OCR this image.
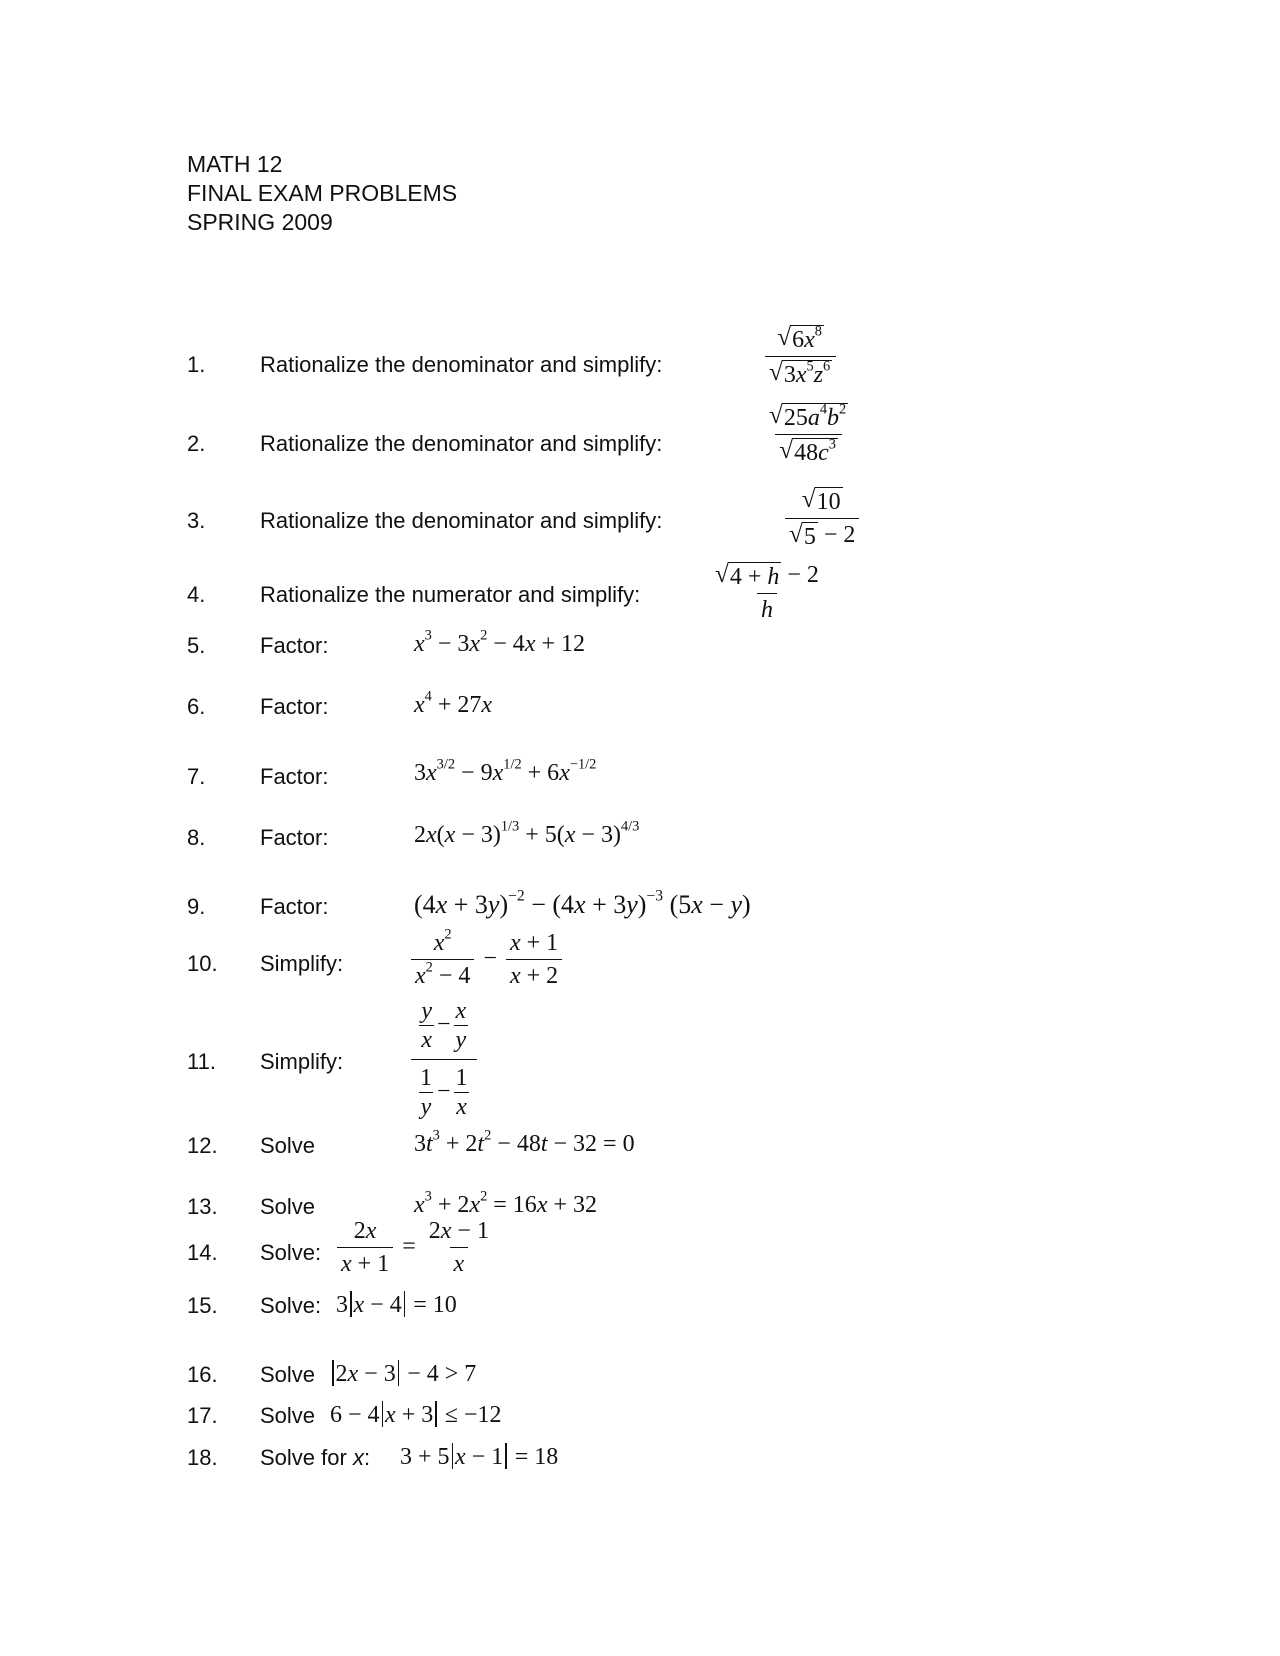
MATH 12
FINAL EXAM PROBLEMS
SPRING 2009
1. Rationalize the denominator and simplify:	$\frac{√ 6x^8}{√ 3x^5z^6}$
2. Rationalize the denominator and simplify:	$\frac{√ 25a^4b^2}{√ 48c^3}$
3. Rationalize the denominator and simplify:	$\frac{√ 10}{√ 5 - 2}$
4. Rationalize the numerator and simplify:	$\frac{√ 4 + h - 2}{h}$
5. Factor:	$x^3 - 3x^2 - 4x + 12$
6. Factor:	$x^4 + 27x$
7. Factor:	$3x^{3/2} - 9x^{1/2} + 6x^{-1/2}$
8. Factor:	$2x(x - 3)^{1/3} + 5(x - 3)^{4/3}$
9. Factor:	$(4x + 3y)^{-2} - (4x + 3y)^{-3}$ (5x − y)
10. Simplify:	$\frac{x^2}{x^2 - 4} - \frac{x + 1}{x + 2}$
11. Simplify:	$\frac{\frac{y}{x} - \frac{x}{y}}{\frac{1}{y} - \frac{1}{x}}$
12. Solve	$3t^3 + 2t^2 - 48t - 32 = 0$
13. Solve	$x^3 + 2x^2 = 16x + 32$
14. Solve: $\frac{2x}{x + 1} = \frac{2x - 1}{x}$
15. Solve: 3 x − 4 = 10
16. Solve 2x − 3 − 4 > 7
17. Solve 6 − 4 x + 3 ≤ −12
18. Solve for x: 3 + 5 x − 1 = 18
